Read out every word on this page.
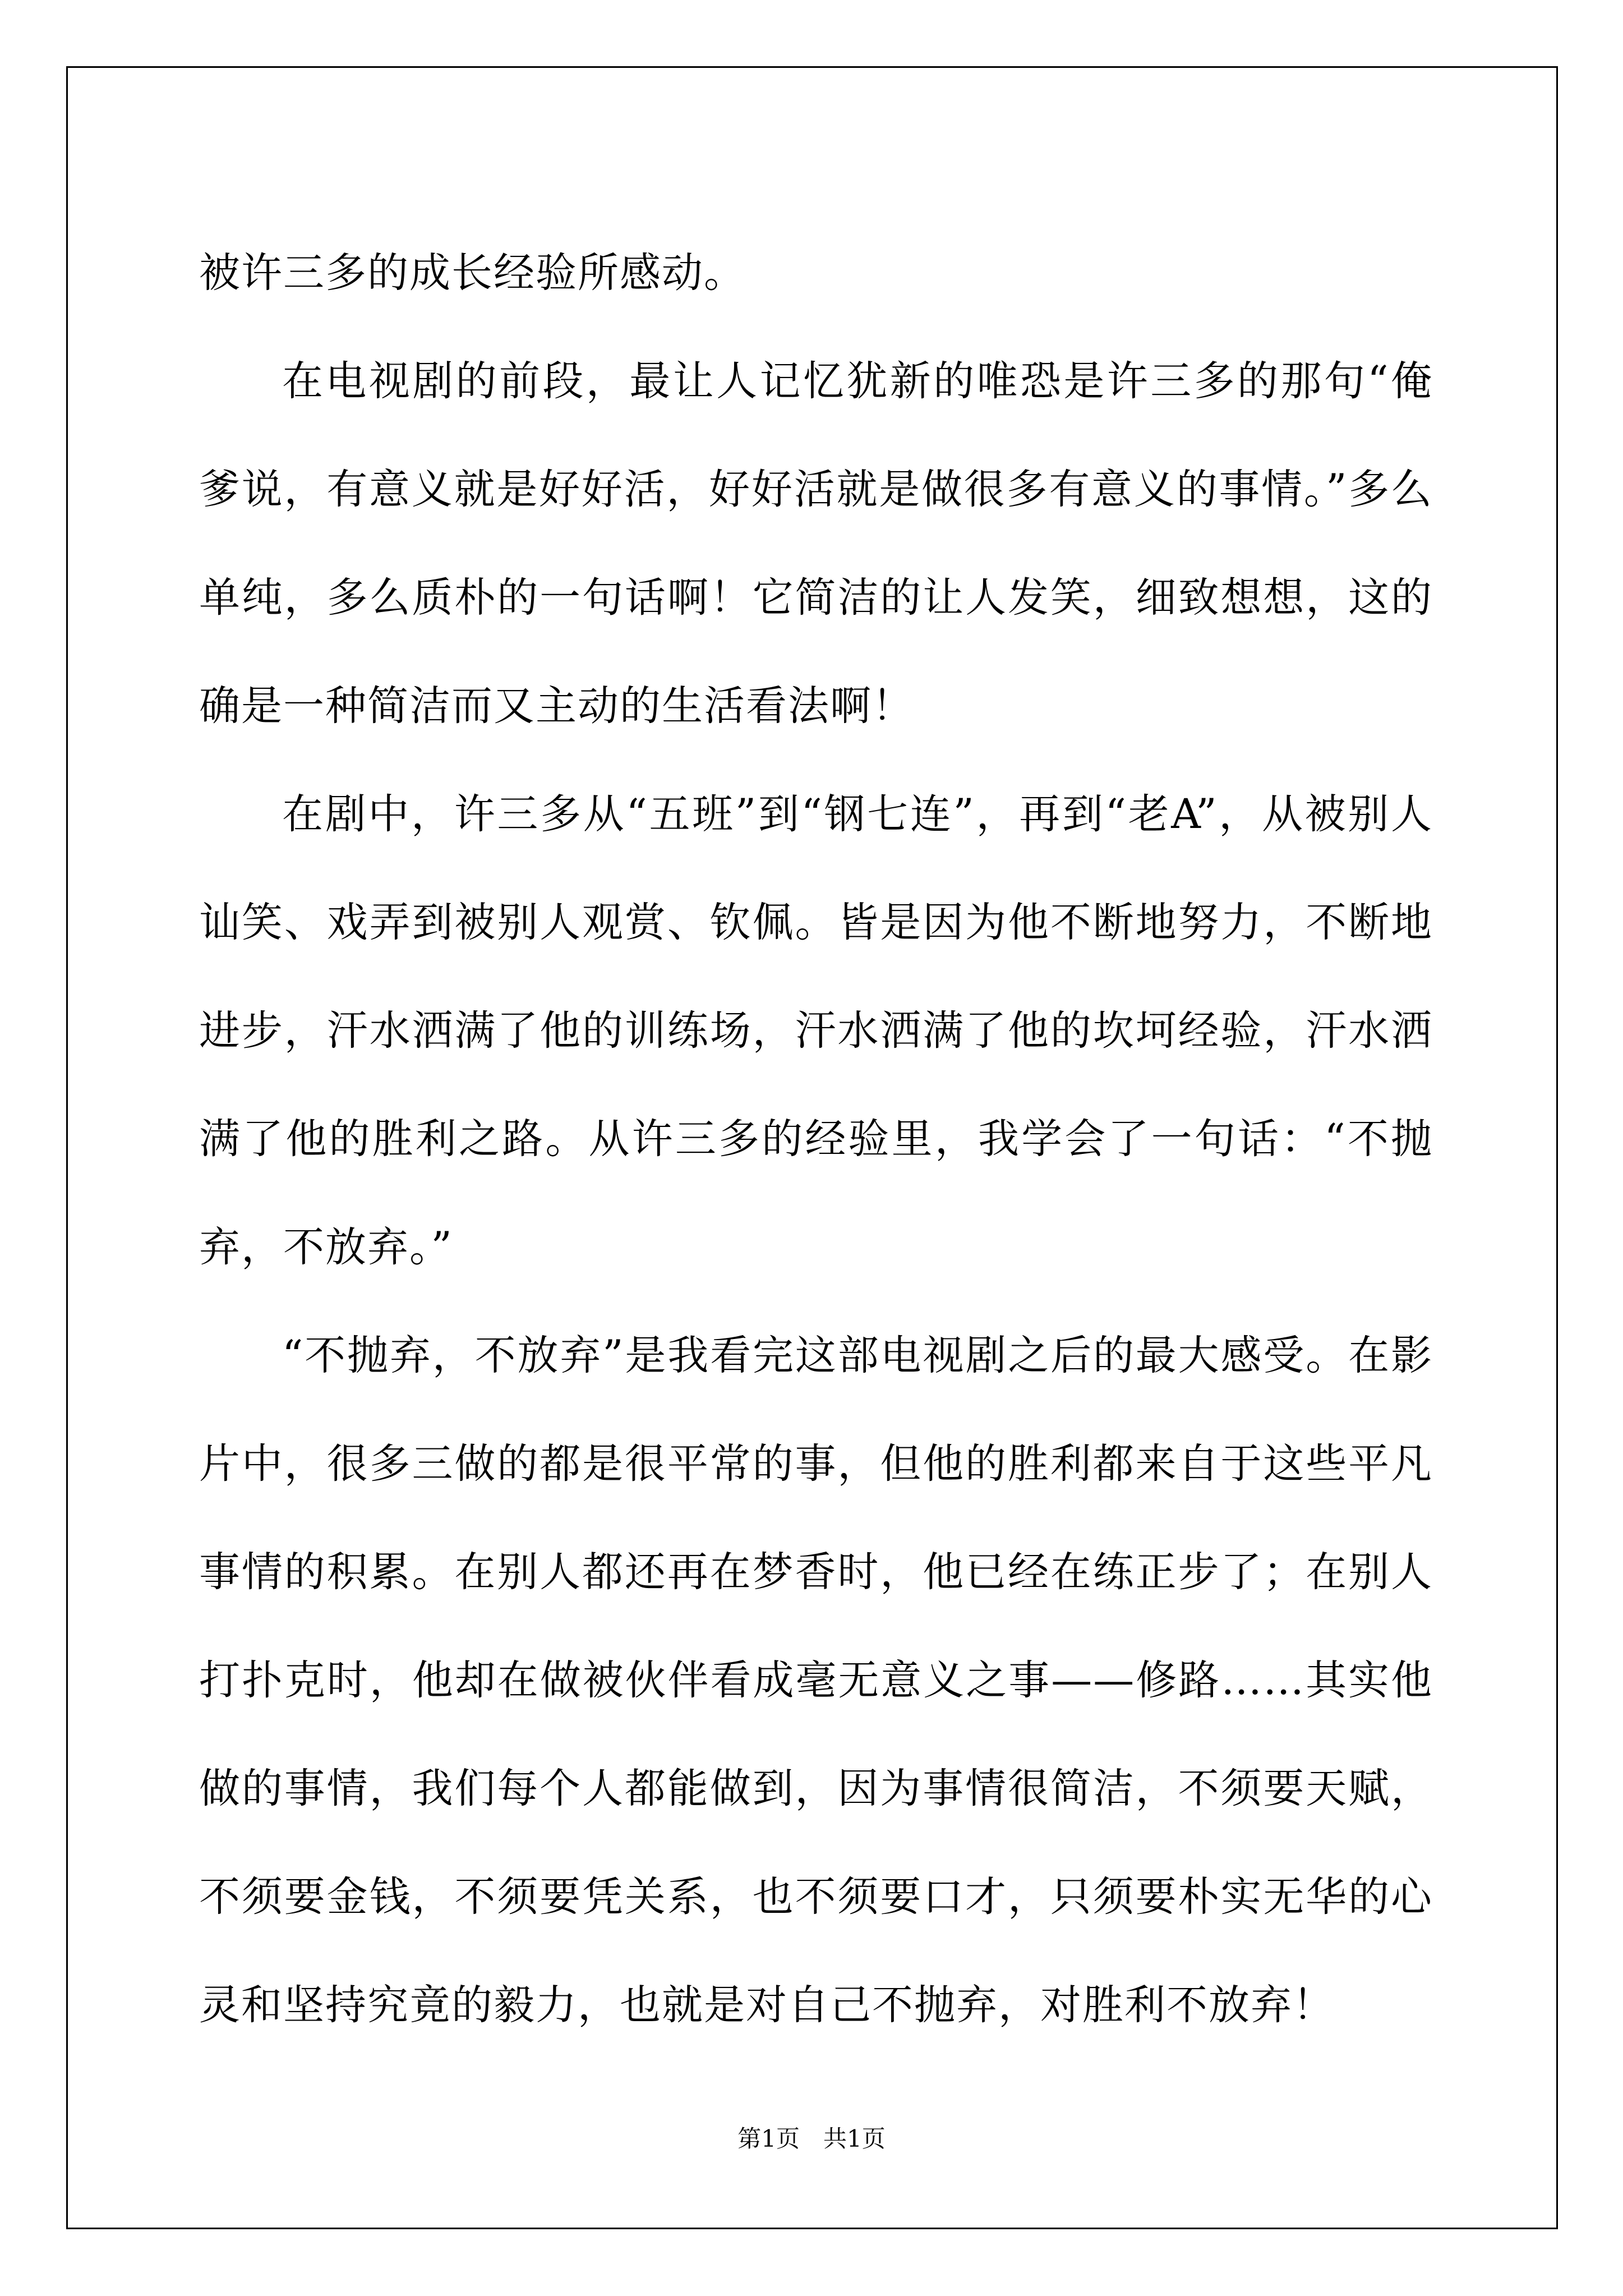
被许三多的成长经验所感动。

在电视剧的前段，最让人记忆犹新的唯恐是许三多的那句“俺爹说，有意义就是好好活，好好活就是做很多有意义的事情。”多么单纯，多么质朴的一句话啊！它简洁的让人发笑，细致想想，这的确是一种简洁而又主动的生活看法啊！

在剧中，许三多从“五班”到“钢七连”，再到“老A”，从被别人讪笑、戏弄到被别人观赏、钦佩。皆是因为他不断地努力，不断地进步，汗水洒满了他的训练场，汗水洒满了他的坎坷经验，汗水洒满了他的胜利之路。从许三多的经验里，我学会了一句话：“不抛弃，不放弃。”

“不抛弃，不放弃”是我看完这部电视剧之后的最大感受。在影片中，很多三做的都是很平常的事，但他的胜利都来自于这些平凡事情的积累。在别人都还再在梦香时，他已经在练正步了；在别人打扑克时，他却在做被伙伴看成毫无意义之事——修路……其实他做的事情，我们每个人都能做到，因为事情很简洁，不须要天赋，不须要金钱，不须要凭关系，也不须要口才，只须要朴实无华的心灵和坚持究竟的毅力，也就是对自己不抛弃，对胜利不放弃！

第1页　共1页
